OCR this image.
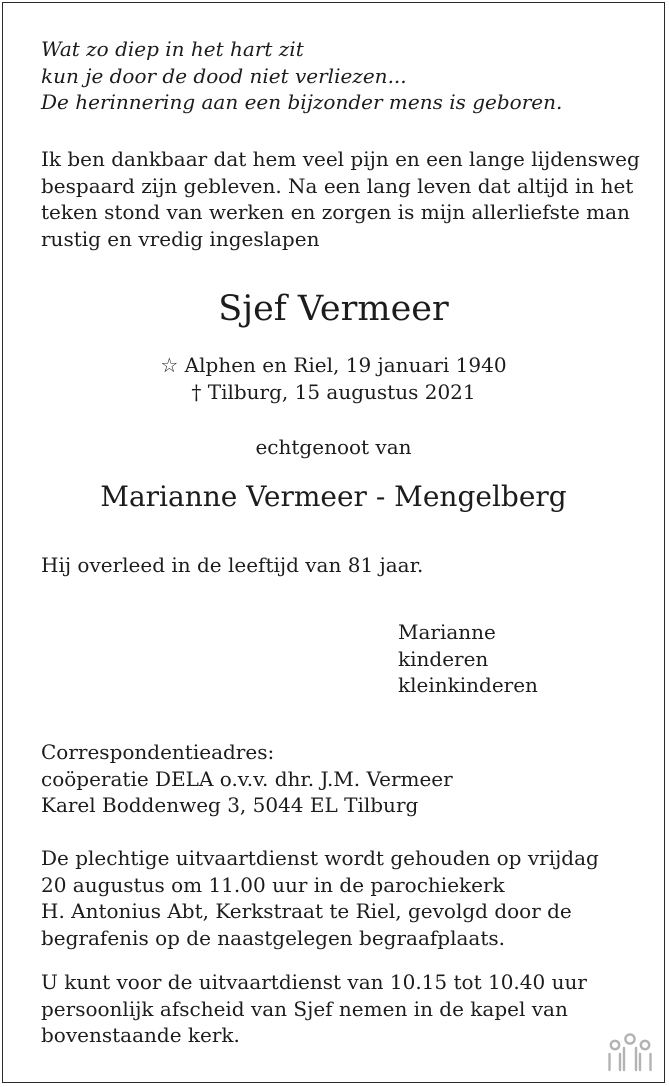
Wat zo diep in het hart zit
kun je door de dood niet verliezen...
De herinnering aan een bijzonder mens is geboren.
Ik ben dankbaar dat hem veel pijn en een lange lijdensweg
bespaard zijn gebleven. Na een lang leven dat altijd in het
teken stond van werken en zorgen is mijn allerliefste man
rustig en vredig ingeslapen
Sjef Vermeer
☆ Alphen en Riel, 19 januari 1940
† Tilburg, 15 augustus 2021
echtgenoot van
Marianne Vermeer - Mengelberg
Hij overleed in de leeftijd van 81 jaar.
Marianne
kinderen
kleinkinderen
Correspondentieadres:
coöperatie DELA o.v.v. dhr. J.M. Vermeer
Karel Boddenweg 3, 5044 EL Tilburg
De plechtige uitvaartdienst wordt gehouden op vrijdag
20 augustus om 11.00 uur in de parochiekerk
H. Antonius Abt, Kerkstraat te Riel, gevolgd door de
begrafenis op de naastgelegen begraafplaats.
U kunt voor de uitvaartdienst van 10.15 tot 10.40 uur
persoonlijk afscheid van Sjef nemen in de kapel van
bovenstaande kerk.
